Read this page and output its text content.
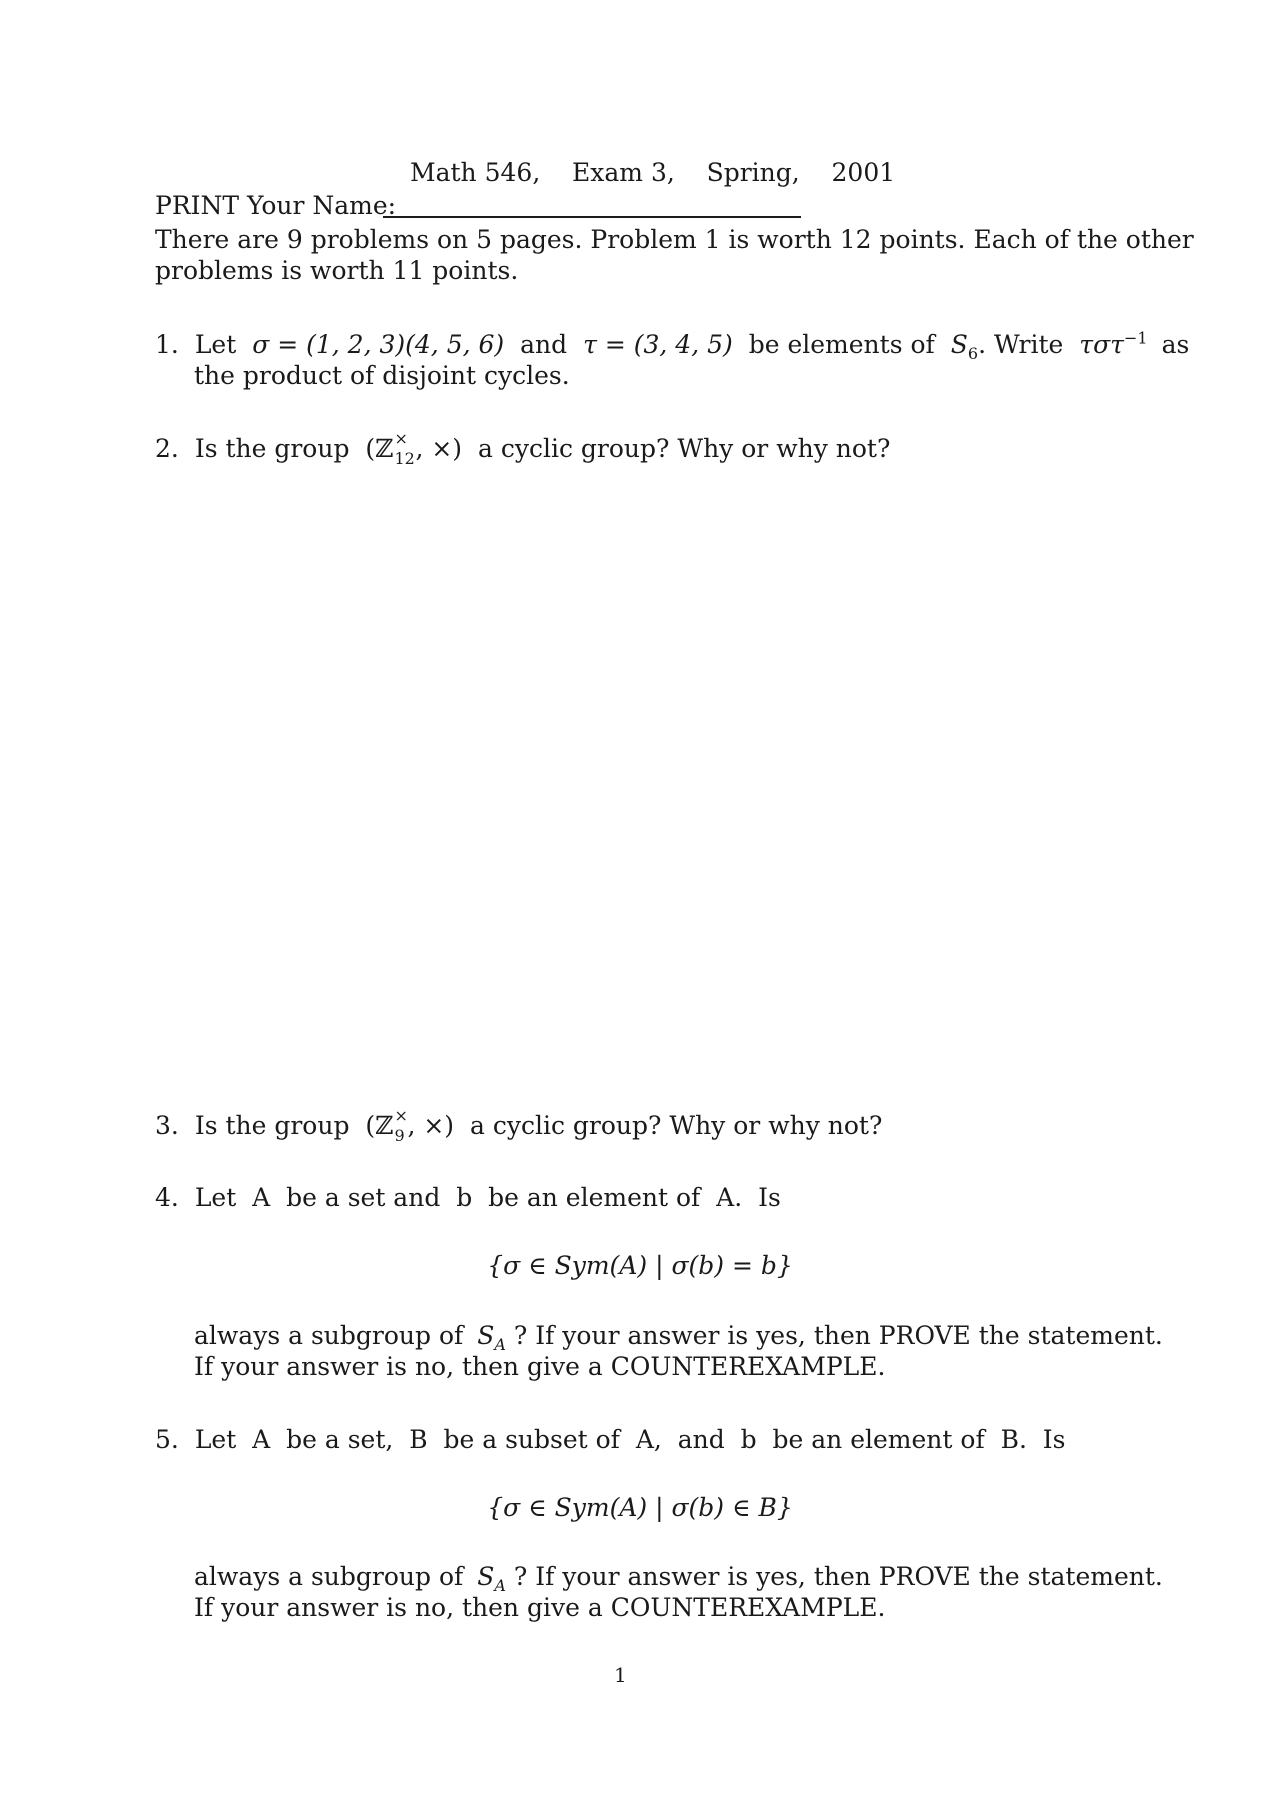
Math 546,    Exam 3,    Spring,    2001
PRINT Your Name:
There are 9 problems on 5 pages. Problem 1 is worth 12 points. Each of the other
problems is worth 11 points.
1. Let σ = (1, 2, 3)(4, 5, 6) and τ = (3, 4, 5) be elements of $S_6$. Write τστ$^{-1}$ as
the product of disjoint cycles.
2. Is the group (ℤ ×
12 , ×) a cyclic group? Why or why not?
3. Is the group (ℤ ×
9 , ×) a cyclic group? Why or why not?
4. Let  A  be a set and  b  be an element of  A.  Is
{σ ∈ Sym(A) | σ(b) = b}
always a subgroup of $S_A$ ? If your answer is yes, then PROVE the statement.
If your answer is no, then give a COUNTEREXAMPLE.
5. Let  A  be a set,  B  be a subset of  A,  and  b  be an element of  B.  Is
{σ ∈ Sym(A) | σ(b) ∈ B}
always a subgroup of $S_A$ ? If your answer is yes, then PROVE the statement.
If your answer is no, then give a COUNTEREXAMPLE.
1
